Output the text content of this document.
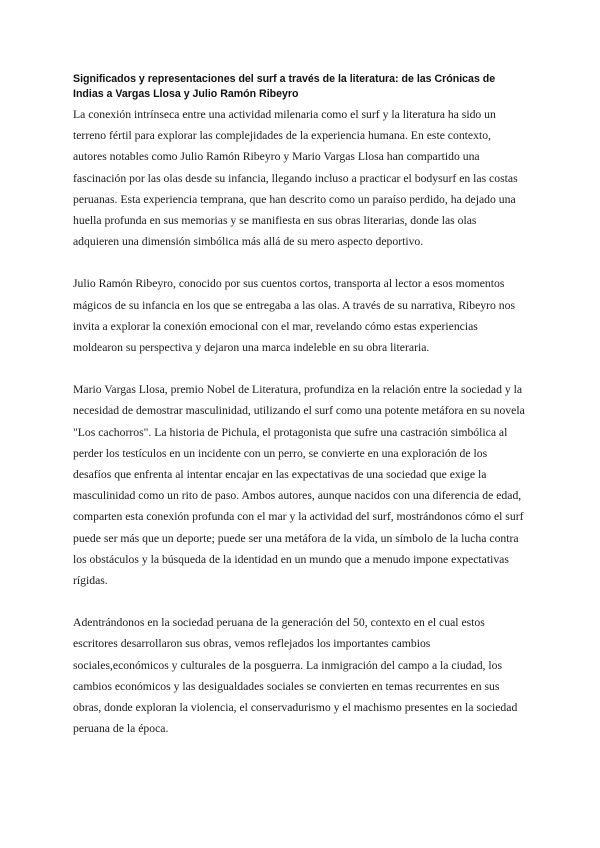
Significados y representaciones del surf a través de la literatura: de las Crónicas de Indias a Vargas Llosa y Julio Ramón Ribeyro

La conexión intrínseca entre una actividad milenaria como el surf y la literatura ha sido un terreno fértil para explorar las complejidades de la experiencia humana. En este contexto, autores notables como Julio Ramón Ribeyro y Mario Vargas Llosa han compartido una fascinación por las olas desde su infancia, llegando incluso a practicar el bodysurf en las costas peruanas. Esta experiencia temprana, que han descrito como un paraíso perdido, ha dejado una huella profunda en sus memorias y se manifiesta en sus obras literarias, donde las olas adquieren una dimensión simbólica más allá de su mero aspecto deportivo.

Julio Ramón Ribeyro, conocido por sus cuentos cortos, transporta al lector a esos momentos mágicos de su infancia en los que se entregaba a las olas. A través de su narrativa, Ribeyro nos invita a explorar la conexión emocional con el mar, revelando cómo estas experiencias moldearon su perspectiva y dejaron una marca indeleble en su obra literaria.

Mario Vargas Llosa, premio Nobel de Literatura, profundiza en la relación entre la sociedad y la necesidad de demostrar masculinidad, utilizando el surf como una potente metáfora en su novela "Los cachorros". La historia de Pichula, el protagonista que sufre una castración simbólica al perder los testículos en un incidente con un perro, se convierte en una exploración de los desafíos que enfrenta al intentar encajar en las expectativas de una sociedad que exige la masculinidad como un rito de paso. Ambos autores, aunque nacidos con una diferencia de edad, comparten esta conexión profunda con el mar y la actividad del surf, mostrándonos cómo el surf puede ser más que un deporte; puede ser una metáfora de la vida, un símbolo de la lucha contra los obstáculos y la búsqueda de la identidad en un mundo que a menudo impone expectativas rígidas.

Adentrándonos en la sociedad peruana de la generación del 50, contexto en el cual estos escritores desarrollaron sus obras, vemos reflejados los importantes cambios sociales,económicos y culturales de la posguerra. La inmigración del campo a la ciudad, los cambios económicos y las desigualdades sociales se convierten en temas recurrentes en sus obras, donde exploran la violencia, el conservadurismo y el machismo presentes en la sociedad peruana de la época.
